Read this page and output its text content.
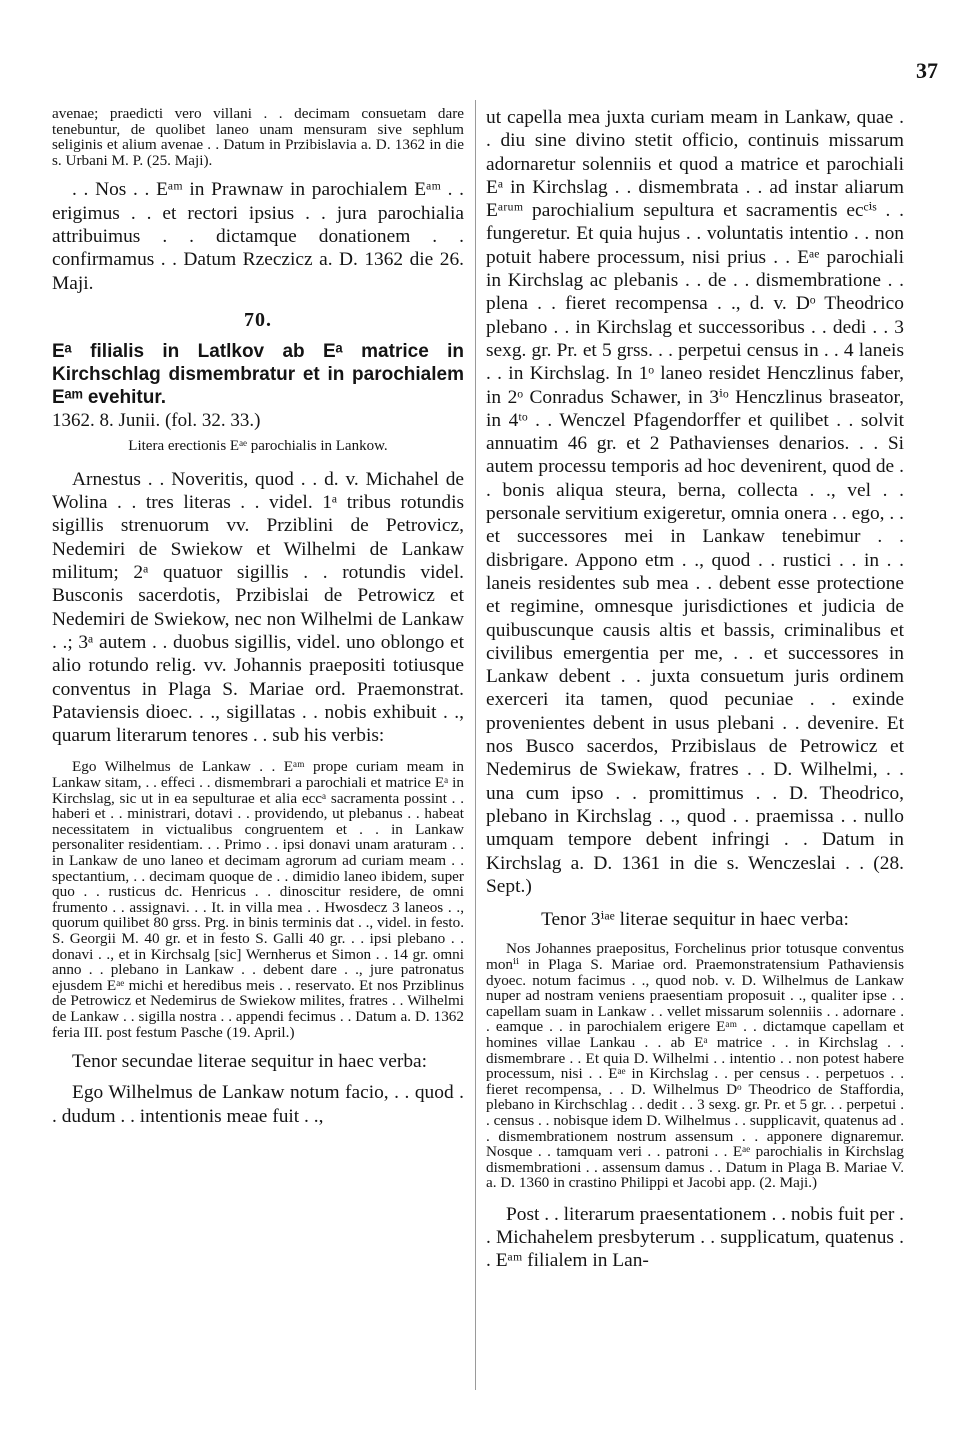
37

avenae; praedicti vero villani . . decimam consuetam dare tenebuntur, de quolibet laneo unam mensuram sive sephlum seliginis et alium avenae . . Datum in Przibislavia a. D. 1362 in die s. Urbani M. P. (25. Maji).

. . Nos . . Eᵃᵐ in Prawnaw in parochialem Eᵃᵐ . . erigimus . . et rectori ipsius . . jura parochialia attribuimus . . dictamque donationem . . confirmamus . . Datum Rzeczicz a. D. 1362 die 26. Maji.

70.

Eᵃ filialis in Latlkov ab Eᵃ matrice in Kirchschlag dismembratur et in parochialem Eᵃᵐ evehitur.

1362. 8. Junii. (fol. 32. 33.)

Litera erectionis Eᵃᵉ parochialis in Lankow.

Arnestus . . Noveritis, quod . . d. v. Michahel de Wolina . . tres literas . . videl. 1ᵃ tribus rotundis sigillis strenuorum vv. Prziblini de Petrovicz, Nedemiri de Swiekow et Wilhelmi de Lankaw militum; 2ᵃ quatuor sigillis . . rotundis videl. Busconis sacerdotis, Przibislai de Petrowicz et Nedemiri de Swiekow, nec non Wilhelmi de Lankaw . .; 3ᵃ autem . . duobus sigillis, videl. uno oblongo et alio rotundo relig. vv. Johannis praepositi totiusque conventus in Plaga S. Mariae ord. Praemonstrat. Pataviensis dioec. . ., sigillatas . . nobis exhibuit . ., quarum literarum tenores . . sub his verbis:

Ego Wilhelmus de Lankaw . . Eᵃᵐ prope curiam meam in Lankaw sitam, . . effeci . . dismembrari a parochiali et matrice Eᵃ in Kirchslag, sic ut in ea sepulturae et alia eccᵃ sacramenta possint . . haberi et . . ministrari, dotavi . . providendo, ut plebanus . . habeat necessitatem in victualibus congruentem et . . in Lankaw personaliter residentiam. . . Primo . . ipsi donavi unam araturam . . in Lankaw de uno laneo et decimam agrorum ad curiam meam . . spectantium, . . decimam quoque de . . dimidio laneo ibidem, super quo . . rusticus dc. Henricus . . dinoscitur residere, de omni frumento . . assignavi. . . It. in villa mea . . Hwosdecz 3 laneos . ., quorum quilibet 80 grss. Prg. in binis terminis dat . ., videl. in festo. S. Georgii M. 40 gr. et in festo S. Galli 40 gr. . . ipsi plebano . . donavi . ., et in Kirchsalg [sic] Wernherus et Simon . . 14 gr. omni anno . . plebano in Lankaw . . debent dare . ., jure patronatus ejusdem Eᵃᵉ michi et heredibus meis . . reservato. Et nos Prziblinus de Petrowicz et Nedemirus de Swiekow milites, fratres . . Wilhelmi de Lankaw . . sigilla nostra . . appendi fecimus . . Datum a. D. 1362 feria III. post festum Pasche (19. April.)

Tenor secundae literae sequitur in haec verba:

Ego Wilhelmus de Lankaw notum facio, . . quod . . dudum . . intentionis meae fuit . .,

ut capella mea juxta curiam meam in Lankaw, quae . . diu sine divino stetit officio, continuis missarum adornaretur solenniis et quod a matrice et parochiali Eᵃ in Kirchslag . . dismembrata . . ad instar aliarum Eᵃʳᵘᵐ parochialium sepultura et sacramentis ecᶜⁱˢ . . fungeretur. Et quia hujus . . voluntatis intentio . . non potuit habere processum, nisi prius . . Eᵃᵉ parochiali in Kirchslag ac plebanis . . de . . dismembratione . . plena . . fieret recompensa . ., d. v. Dᵒ Theodrico plebano . . in Kirchslag et successoribus . . dedi . . 3 sexg. gr. Pr. et 5 grss. . . perpetui census in . . 4 laneis . . in Kirchslag. In 1ᵒ laneo residet Henczlinus faber, in 2ᵒ Conradus Schawer, in 3ⁱᵒ Henczlinus braseator, in 4ᵗᵒ . . Wenczel Pfagendorffer et quilibet . . solvit annuatim 46 gr. et 2 Pathavienses denarios. . . Si autem processu temporis ad hoc devenirent, quod de . . bonis aliqua steura, berna, collecta . ., vel . . personale servitium exigeretur, omnia onera . . ego, . . et successores mei in Lankaw tenebimur . . disbrigare. Appono etm . ., quod . . rustici . . in . . laneis residentes sub mea . . debent esse protectione et regimine, omnesque jurisdictiones et judicia de quibuscunque causis altis et bassis, criminalibus et civilibus emergentia per me, . . et successores in Lankaw debent . . juxta consuetum juris ordinem exerceri ita tamen, quod pecuniae . . exinde provenientes debent in usus plebani . . devenire. Et nos Busco sacerdos, Przibislaus de Petrowicz et Nedemirus de Swiekaw, fratres . . D. Wilhelmi, . . una cum ipso . . promittimus . . D. Theodrico, plebano in Kirchslag . ., quod . . praemissa . . nullo umquam tempore debent infringi . . Datum in Kirchslag a. D. 1361 in die s. Wenczeslai . . (28. Sept.)

Tenor 3ⁱᵃᵉ literae sequitur in haec verba:

Nos Johannes praepositus, Forchelinus prior totusque conventus monⁱⁱ in Plaga S. Mariae ord. Praemonstratensium Pathaviensis dyoec. notum facimus . ., quod nob. v. D. Wilhelmus de Lankaw nuper ad nostram veniens praesentiam proposuit . ., qualiter ipse . . capellam suam in Lankaw . . vellet missarum solenniis . . adornare . . eamque . . in parochialem erigere Eᵃᵐ . . dictamque capellam et homines villae Lankau . . ab Eᵃ matrice . . in Kirchslag . . dismembrare . . Et quia D. Wilhelmi . . intentio . . non potest habere processum, nisi . . Eᵃᵉ in Kirchslag . . per census . . perpetuos . . fieret recompensa, . . D. Wilhelmus Dᵒ Theodrico de Staffordia, plebano in Kirchschlag . . dedit . . 3 sexg. gr. Pr. et 5 gr. . . perpetui . . census . . nobisque idem D. Wilhelmus . . supplicavit, quatenus ad . . dismembrationem nostrum assensum . . apponere dignaremur. Nosque . . tamquam veri . . patroni . . Eᵃᵉ parochialis in Kirchslag dismembrationi . . assensum damus . . Datum in Plaga B. Mariae V. a. D. 1360 in crastino Philippi et Jacobi app. (2. Maji.)

Post . . literarum praesentationem . . nobis fuit per . . Michahelem presbyterum . . supplicatum, quatenus . . Eᵃᵐ filialem in Lan-
